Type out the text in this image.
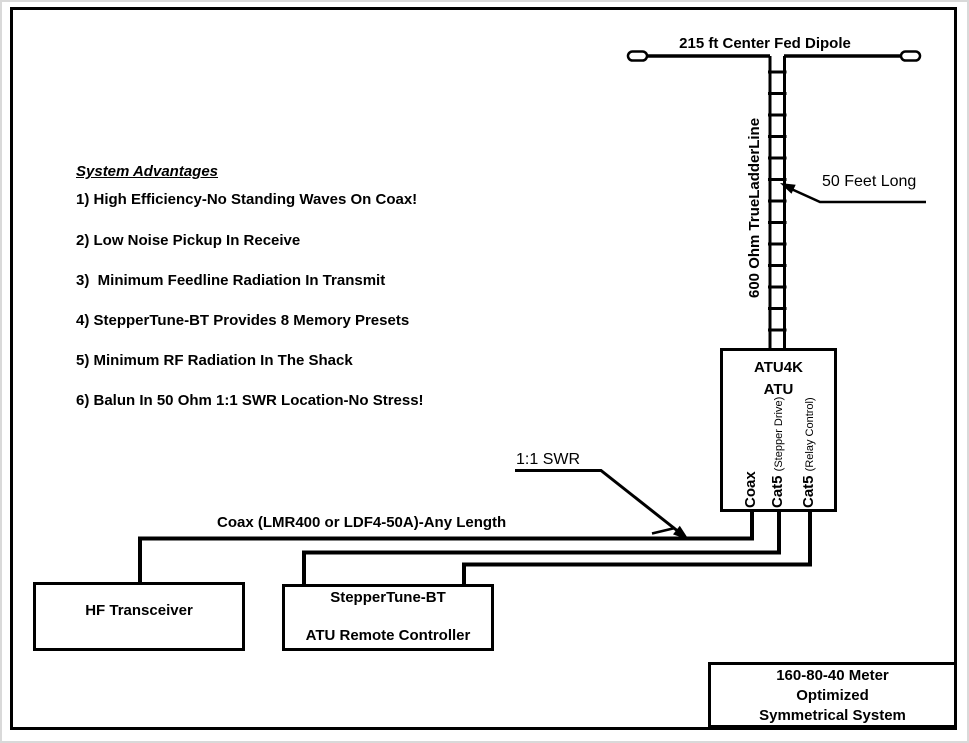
215 ft Center Fed Dipole
600 Ohm TrueLadderLine	50 Feet Long
System Advantages
1) High Efficiency-No Standing Waves On Coax!
2) Low Noise Pickup In Receive
3)  Minimum Feedline Radiation In Transmit
4) StepperTune-BT Provides 8 Memory Presets
5) Minimum RF Radiation In The Shack
6) Balun In 50 Ohm 1:1 SWR Location-No Stress!
1:1 SWR
Coax (LMR400 or LDF4-50A)-Any Length
ATU4K
ATU
Coax Cat5 (Stepper Drive)
Cat5 (Relay Control)
HF Transceiver
StepperTune-BT
ATU Remote Controller
160-80-40 Meter
Optimized
Symmetrical System
